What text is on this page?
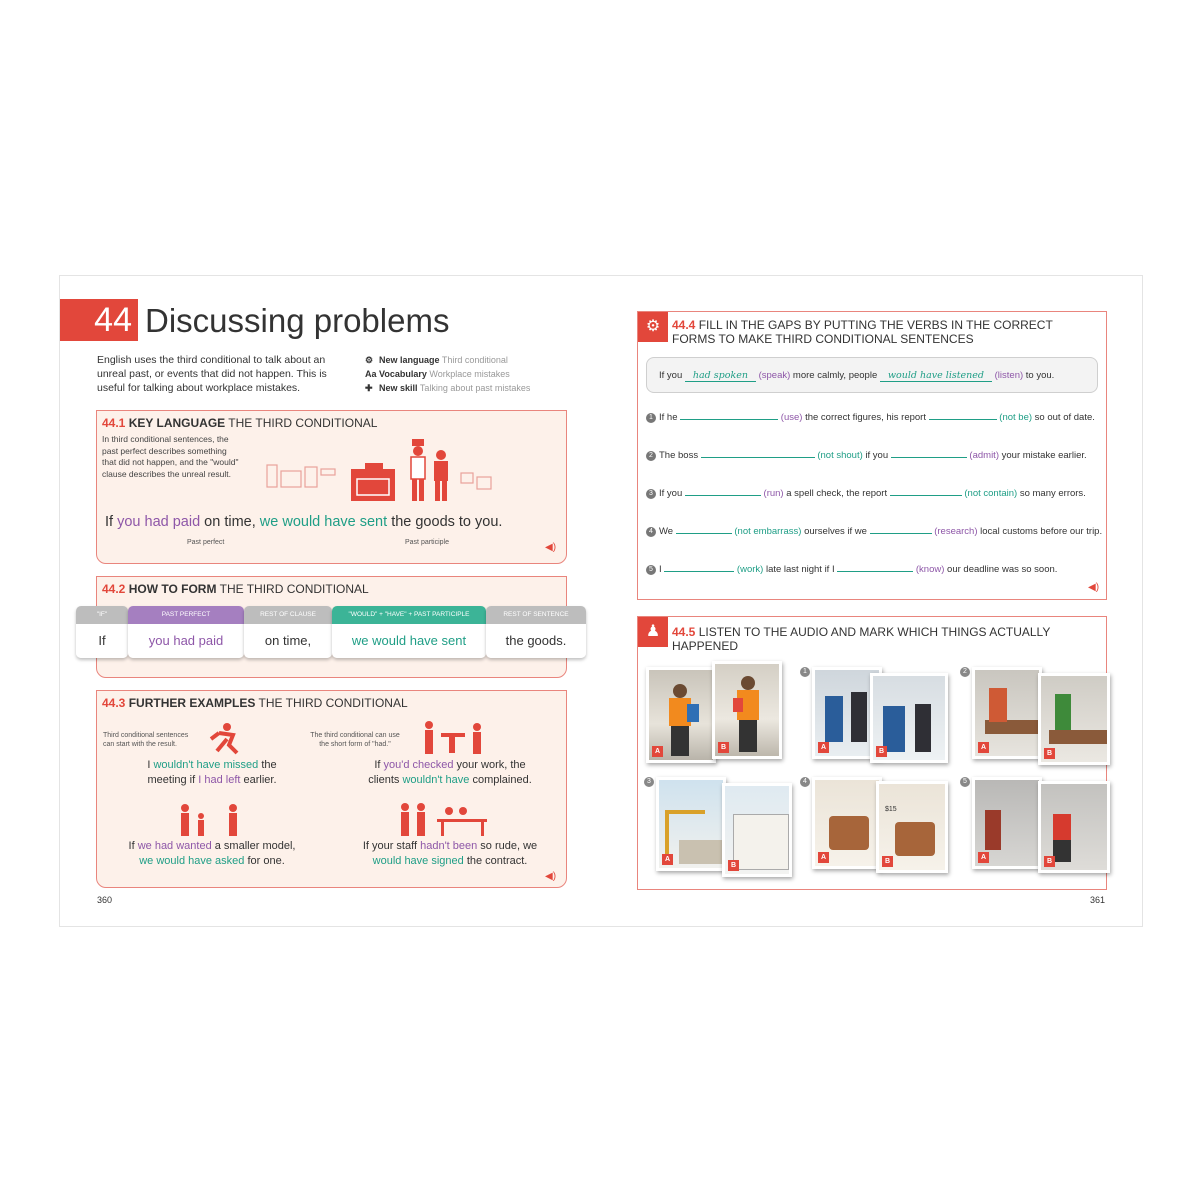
44 Discussing problems
English uses the third conditional to talk about an unreal past, or events that did not happen. This is useful for talking about workplace mistakes.
⚙ New language Third conditional
Aa Vocabulary Workplace mistakes
✚ New skill Talking about past mistakes
44.1 KEY LANGUAGE THE THIRD CONDITIONAL
In third conditional sentences, the past perfect describes something that did not happen, and the "would" clause describes the unreal result.
If you had paid on time, we would have sent the goods to you.
Past perfect	Past participle	◀)
44.2 HOW TO FORM THE THIRD CONDITIONAL
"IF"
If
PAST PERFECT
you had paid
REST OF CLAUSE
on time,
"WOULD" + "HAVE" + PAST PARTICIPLE
we would have sent
REST OF SENTENCE
the goods.
44.3 FURTHER EXAMPLES THE THIRD CONDITIONAL
Third conditional sentences can start with the result.
The third conditional can use the short form of "had."
I wouldn't have missed the
meeting if I had left earlier.
If you'd checked your work, the
clients wouldn't have complained.
If we had wanted a smaller model,
we would have asked for one.
If your staff hadn't been so rude, we
would have signed the contract.
◀)
360
⚙ 44.4 FILL IN THE GAPS BY PUTTING THE VERBS IN THE CORRECT FORMS TO MAKE THIRD CONDITIONAL SENTENCES
If you had spoken (speak) more calmly, people would have listened (listen) to you.
1 If he	(use) the correct figures, his report	(not be) so out of date.
2 The boss	(not shout) if you	(admit) your mistake earlier.
3 If you	(run) a spell check, the report	(not contain) so many errors.
4 We	(not embarrass) ourselves if we	(research) local customs before our trip.
5 I	(work) late last night if I	(know) our deadline was so soon.
◀)
♟ 44.5 LISTEN TO THE AUDIO AND MARK WHICH THINGS ACTUALLY HAPPENED
A
B
1
A
B
2
A
B
3
A
B
4
A
$15
B
5
A
B
361
